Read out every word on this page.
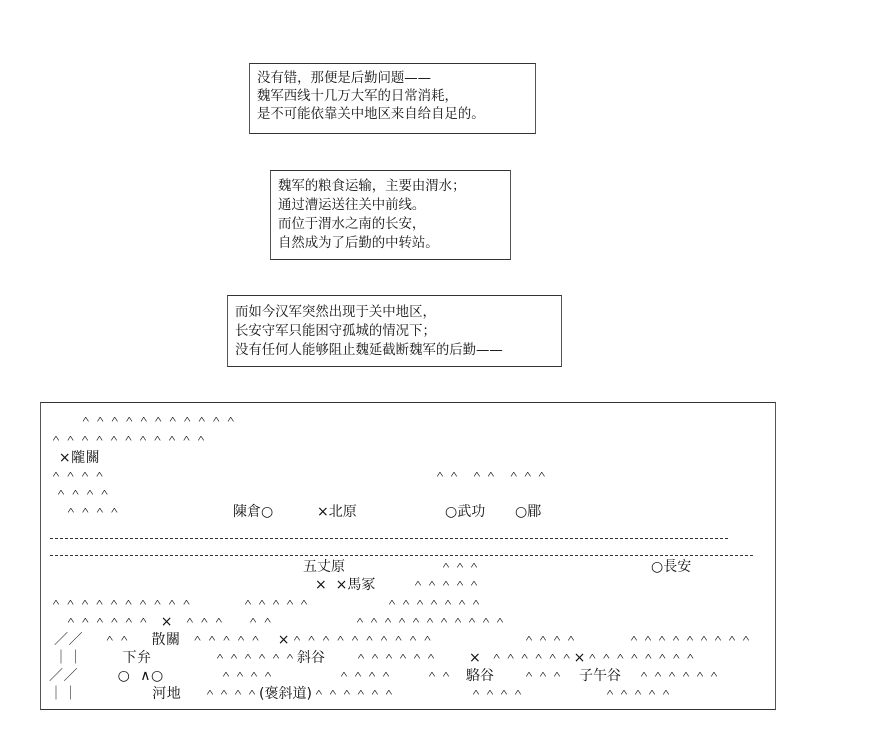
没有错，那便是后勤问题——
魏军西线十几万大军的日常消耗，
是不可能依靠关中地区来自给自足的。
魏军的粮食运输，主要由渭水；
通过漕运送往关中前线。
而位于渭水之南的长安，
自然成为了后勤的中转站。
而如今汉军突然出现于关中地区，
长安守军只能困守孤城的情况下；
没有任何人能够阻止魏延截断魏军的后勤——
＾＾＾＾＾＾＾＾＾＾＾
＾＾＾＾＾＾＾＾＾＾＾
×隴關
＾＾＾＾
＾＾＾＾
＾＾＾＾
＾＾  ＾＾  ＾＾＾
陳倉○	×北原	○武功 ○郿
五丈原	＾＾＾	○長安
×  ×馬冢	＾＾＾＾＾
＾＾＾＾＾＾＾＾＾＾	＾＾＾＾＾	＾＾＾＾＾＾＾
＾＾＾＾＾＾  ×  ＾＾＾    ＾＾	＾＾＾＾＾＾＾＾＾＾＾
／／    ＾＾    散關  ＾＾＾＾＾   ×＾＾＾＾＾＾＾＾＾＾	＾＾＾＾	＾＾＾＾＾＾＾＾＾
｜｜        下弁	＾＾＾＾＾＾斜谷 ＾＾＾＾＾＾ ×  ＾＾＾＾＾＾×＾＾＾＾＾＾＾＾
／／        ○  ∧○	＾＾＾＾	＾＾＾＾ ＾＾ 駱谷 ＾＾＾ 子午谷 ＾＾＾＾＾＾
｜｜               河地 ＾＾＾＾(褒斜道)＾＾＾＾＾＾	＾＾＾＾	＾＾＾＾＾
